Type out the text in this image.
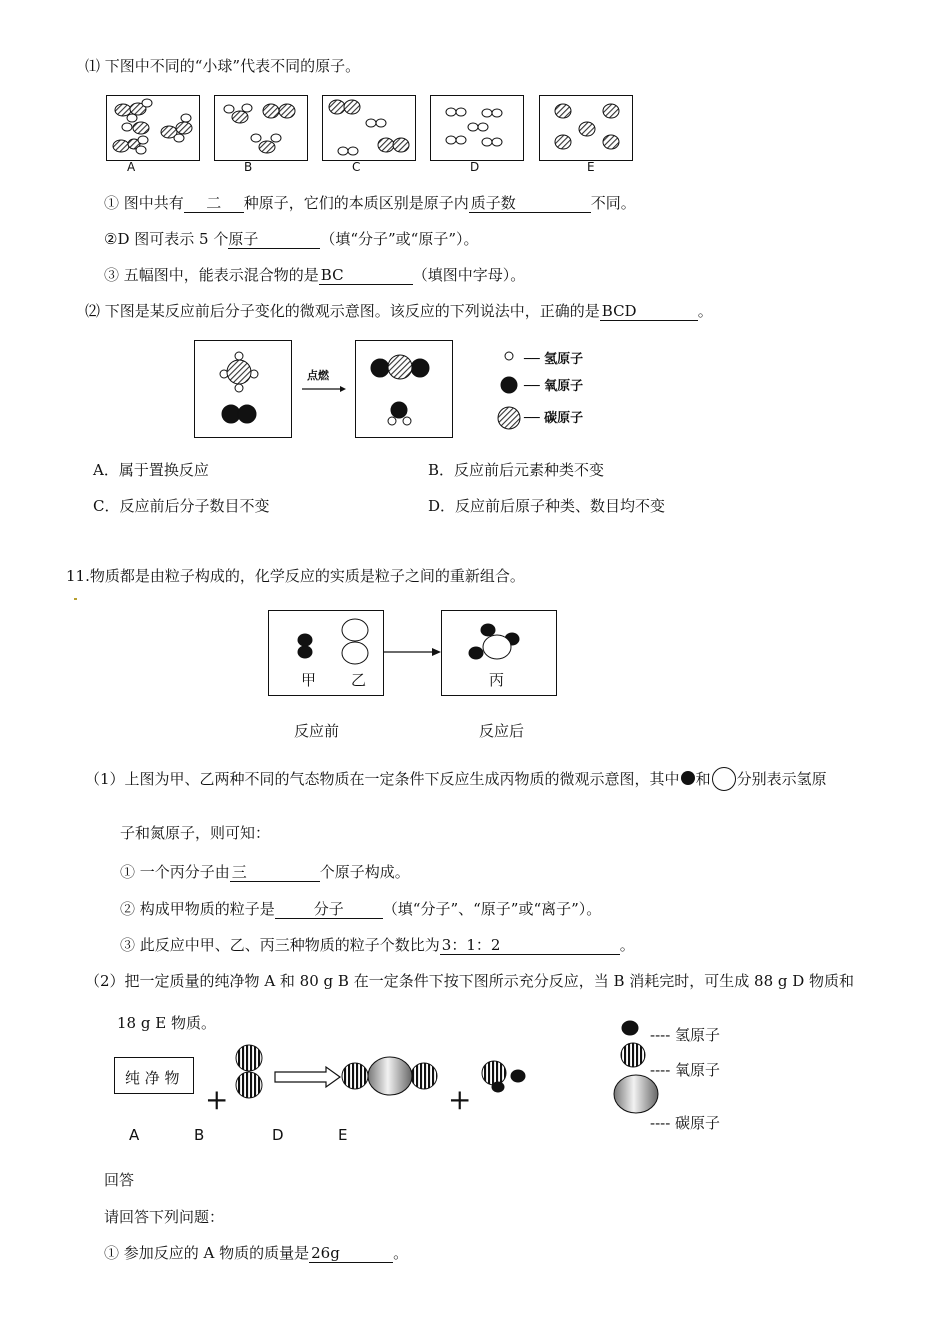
⑴ 下图中不同的“小球”代表不同的原子。
A	B	C	D	E
① 图中共有 二 种原子，它们的本质区别是原子内 质子数	不同。
②D 图可表示 5 个原子	（填“分子”或“原子”）。
③ 五幅图中，能表示混合物的是 BC	（填图中字母）。
⑵ 下图是某反应前后分子变化的微观示意图。该反应的下列说法中，正确的是 BCD	。
点燃
── 氢原子
── 氧原子
── 碳原子
A．属于置换反应	B．反应前后元素种类不变
C．反应前后分子数目不变	D．反应前后原子种类、数目均不变
11.物质都是由粒子构成的，化学反应的实质是粒子之间的重新组合。
甲 乙	丙
反应前	反应后
（1）上图为甲、乙两种不同的气态物质在一定条件下反应生成丙物质的微观示意图，其中 和 分别表示氢原
子和氮原子，则可知：
① 一个丙分子由 三	个原子构成。
② 构成甲物质的粒子是	分子	（填“分子”、“原子”或“离子”）。
③ 此反应中甲、乙、丙三种物质的粒子个数比为 3：1：2	。
（2）把一定质量的纯净物 A 和 80 g B 在一定条件下按下图所示充分反应，当 B 消耗完时，可生成 88 g D 物质和
18 g E 物质。
纯 净 物
+	+
A	B	D	E
---- 氢原子
---- 氧原子
---- 碳原子
回答
请回答下列问题：
① 参加反应的 A 物质的质量是 26g	。
